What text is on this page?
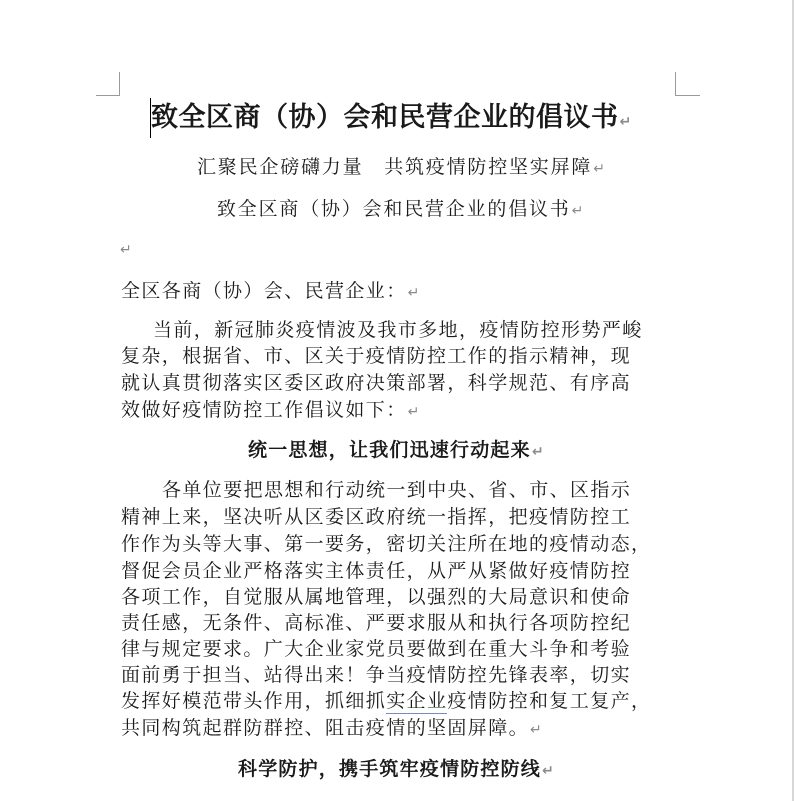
致全区商（协）会和民营企业的倡议书↵
汇聚民企磅礴力量　共筑疫情防控坚实屏障↵
致全区商（协）会和民营企业的倡议书↵
↵
全区各商（协）会、民营企业：↵
当前，新冠肺炎疫情波及我市多地，疫情防控形势严峻
复杂，根据省、市、区关于疫情防控工作的指示精神，现
就认真贯彻落实区委区政府决策部署，科学规范、有序高
效做好疫情防控工作倡议如下：↵
统一思想，让我们迅速行动起来↵
各单位要把思想和行动统一到中央、省、市、区指示
精神上来，坚决听从区委区政府统一指挥，把疫情防控工
作作为头等大事、第一要务，密切关注所在地的疫情动态，
督促会员企业严格落实主体责任，从严从紧做好疫情防控
各项工作，自觉服从属地管理，以强烈的大局意识和使命
责任感，无条件、高标准、严要求服从和执行各项防控纪
律与规定要求。广大企业家党员要做到在重大斗争和考验
面前勇于担当、站得出来！争当疫情防控先锋表率，切实
发挥好模范带头作用，抓细抓实企业疫情防控和复工复产，
共同构筑起群防群控、阻击疫情的坚固屏障。↵
科学防护，携手筑牢疫情防控防线↵
